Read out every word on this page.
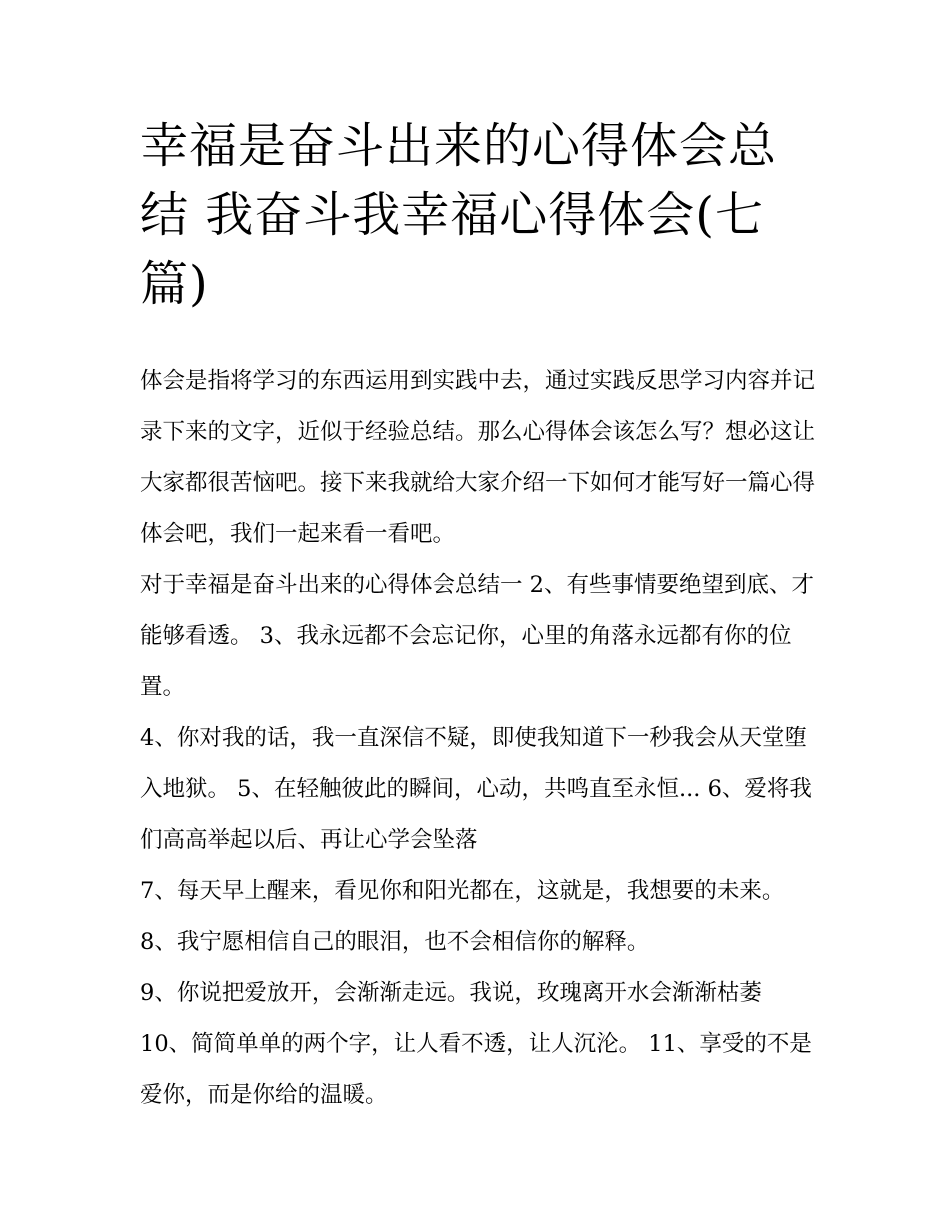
幸福是奋斗出来的心得体会总结 我奋斗我幸福心得体会(七篇)

体会是指将学习的东西运用到实践中去，通过实践反思学习内容并记录下来的文字，近似于经验总结。那么心得体会该怎么写？想必这让大家都很苦恼吧。接下来我就给大家介绍一下如何才能写好一篇心得体会吧，我们一起来看一看吧。

对于幸福是奋斗出来的心得体会总结一 2、有些事情要绝望到底、才能够看透。 3、我永远都不会忘记你，心里的角落永远都有你的位置。

4、你对我的话，我一直深信不疑，即使我知道下一秒我会从天堂堕入地狱。 5、在轻触彼此的瞬间，心动，共鸣直至永恒... 6、爱将我们高高举起以后、再让心学会坠落

7、每天早上醒来，看见你和阳光都在，这就是，我想要的未来。 8、我宁愿相信自己的眼泪，也不会相信你的解释。

9、你说把爱放开，会渐渐走远。我说，玫瑰离开水会渐渐枯萎 10、简简单单的两个字，让人看不透，让人沉沦。 11、享受的不是爱你，而是你给的温暖。
